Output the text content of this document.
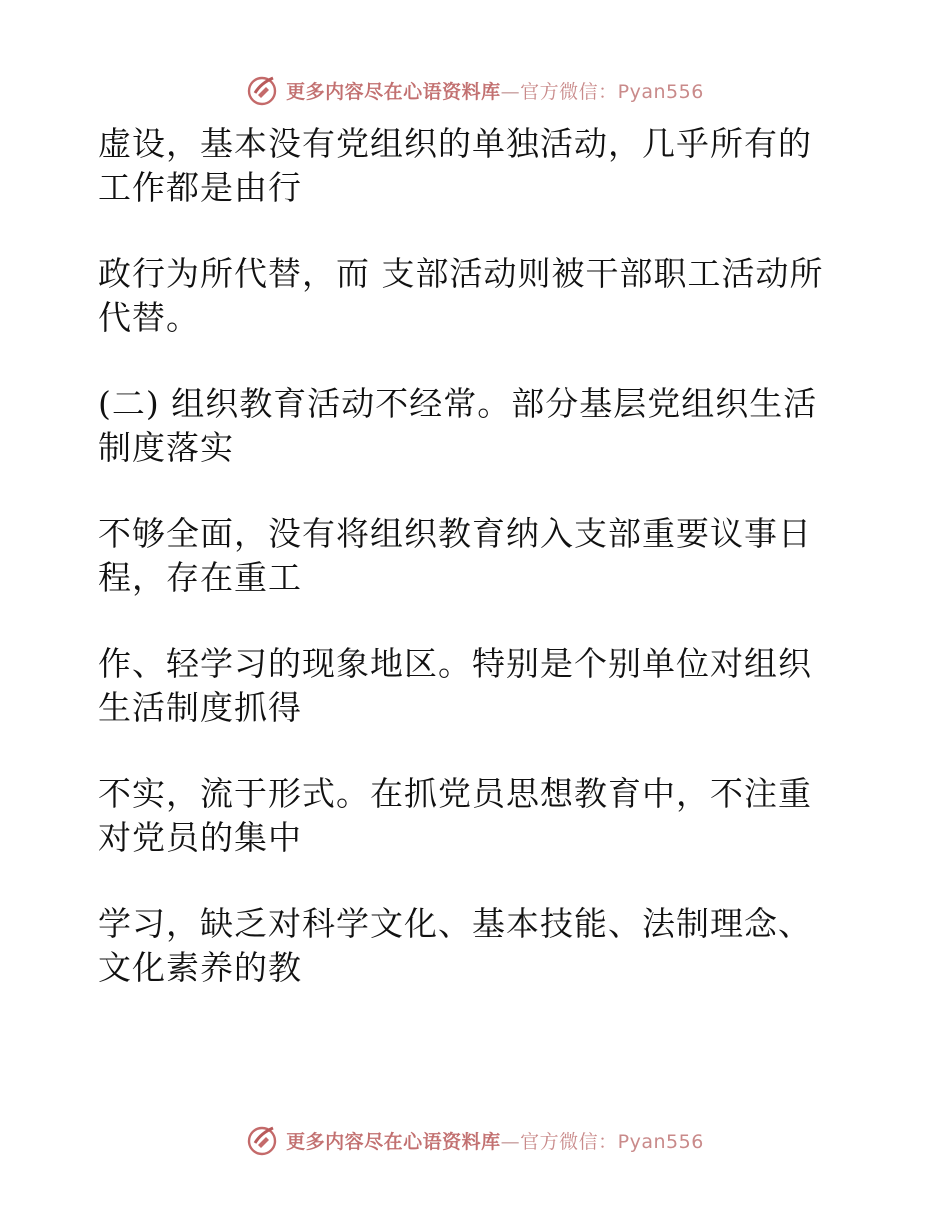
更多内容尽在心语资料库—官方微信：Pyan556

虚设，基本没有党组织的单独活动，几乎所有的
工作都是由行

政行为所代替，而 支部活动则被干部职工活动所
代替。

(二) 组织教育活动不经常。部分基层党组织生活
制度落实

不够全面，没有将组织教育纳入支部重要议事日
程，存在重工

作、轻学习的现象地区。特别是个别单位对组织
生活制度抓得

不实，流于形式。在抓党员思想教育中，不注重
对党员的集中

学习，缺乏对科学文化、基本技能、法制理念、
文化素养的教

更多内容尽在心语资料库—官方微信：Pyan556
